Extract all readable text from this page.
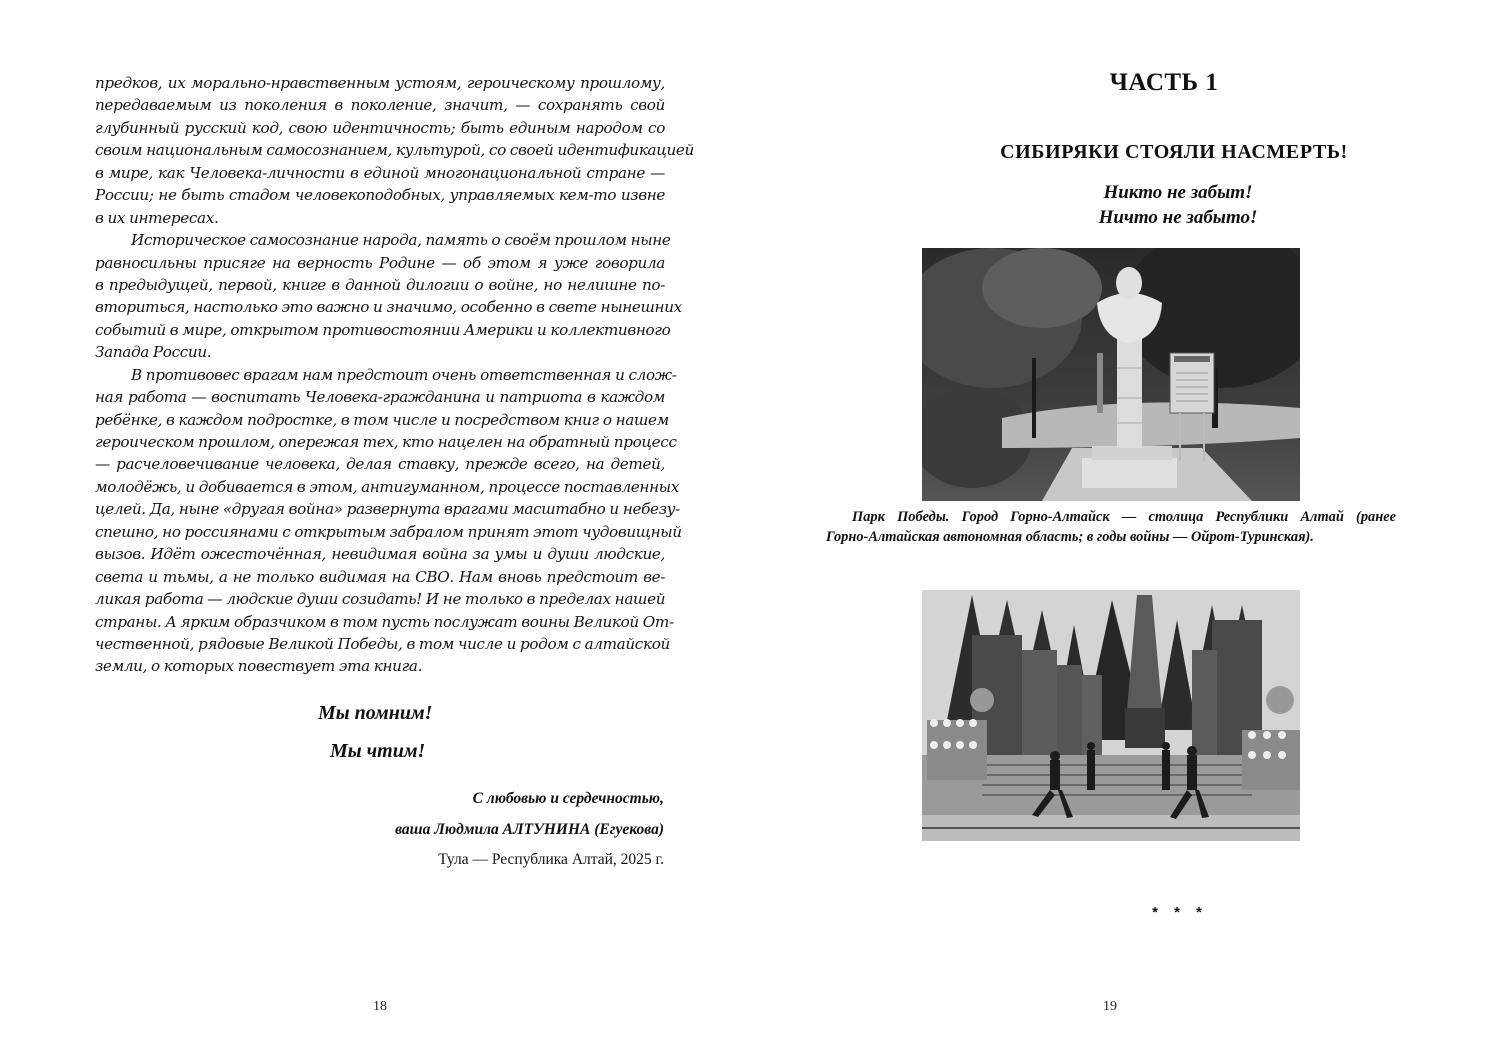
предков, их морально-нравственным устоям, героическому прошлому,
передаваемым из поколения в поколение, значит, — сохранять свой
глубинный русский код, свою идентичность; быть единым народом со
своим национальным самосознанием, культурой, со своей идентификацией
в мире, как Человека-личности в единой многонациональной стране —
России; не быть стадом человекоподобных, управляемых кем-то извне
в их интересах.
Историческое самосознание народа, память о своём прошлом ныне
равносильны присяге на верность Родине — об этом я уже говорила
в предыдущей, первой, книге в данной дилогии о войне, но нелишне по-
вториться, настолько это важно и значимо, особенно в свете нынешних
событий в мире, открытом противостоянии Америки и коллективного
Запада России.
В противовес врагам нам предстоит очень ответственная и слож-
ная работа — воспитать Человека-гражданина и патриота в каждом
ребёнке, в каждом подростке, в том числе и посредством книг о нашем
героическом прошлом, опережая тех, кто нацелен на обратный процесс
— расчеловечивание человека, делая ставку, прежде всего, на детей,
молодёжь, и добивается в этом, антигуманном, процессе поставленных
целей. Да, ныне «другая война» развернута врагами масштабно и небезу-
спешно, но россиянами с открытым забралом принят этот чудовищный
вызов. Идёт ожесточённая, невидимая война за умы и души людские,
света и тьмы, а не только видимая на СВО. Нам вновь предстоит ве-
ликая работа — людские души созидать! И не только в пределах нашей
страны. А ярким образчиком в том пусть послужат воины Великой От-
чественной, рядовые Великой Победы, в том числе и родом с алтайской
земли, о которых повествует эта книга.
Мы помним!
Мы чтим!
С любовью и сердечностью,
ваша Людмила АЛТУНИНА (Егуекова)
Тула — Республика Алтай, 2025 г.
18
ЧАСТЬ 1
СИБИРЯКИ СТОЯЛИ НАСМЕРТЬ!
Никто не забыт!
Ничто не забыто!
Парк Победы. Город Горно-Алтайск — столица Республики Алтай (ранее
Горно-Алтайская автономная область; в годы войны — Ойрот-Туринская).
* * *
19
